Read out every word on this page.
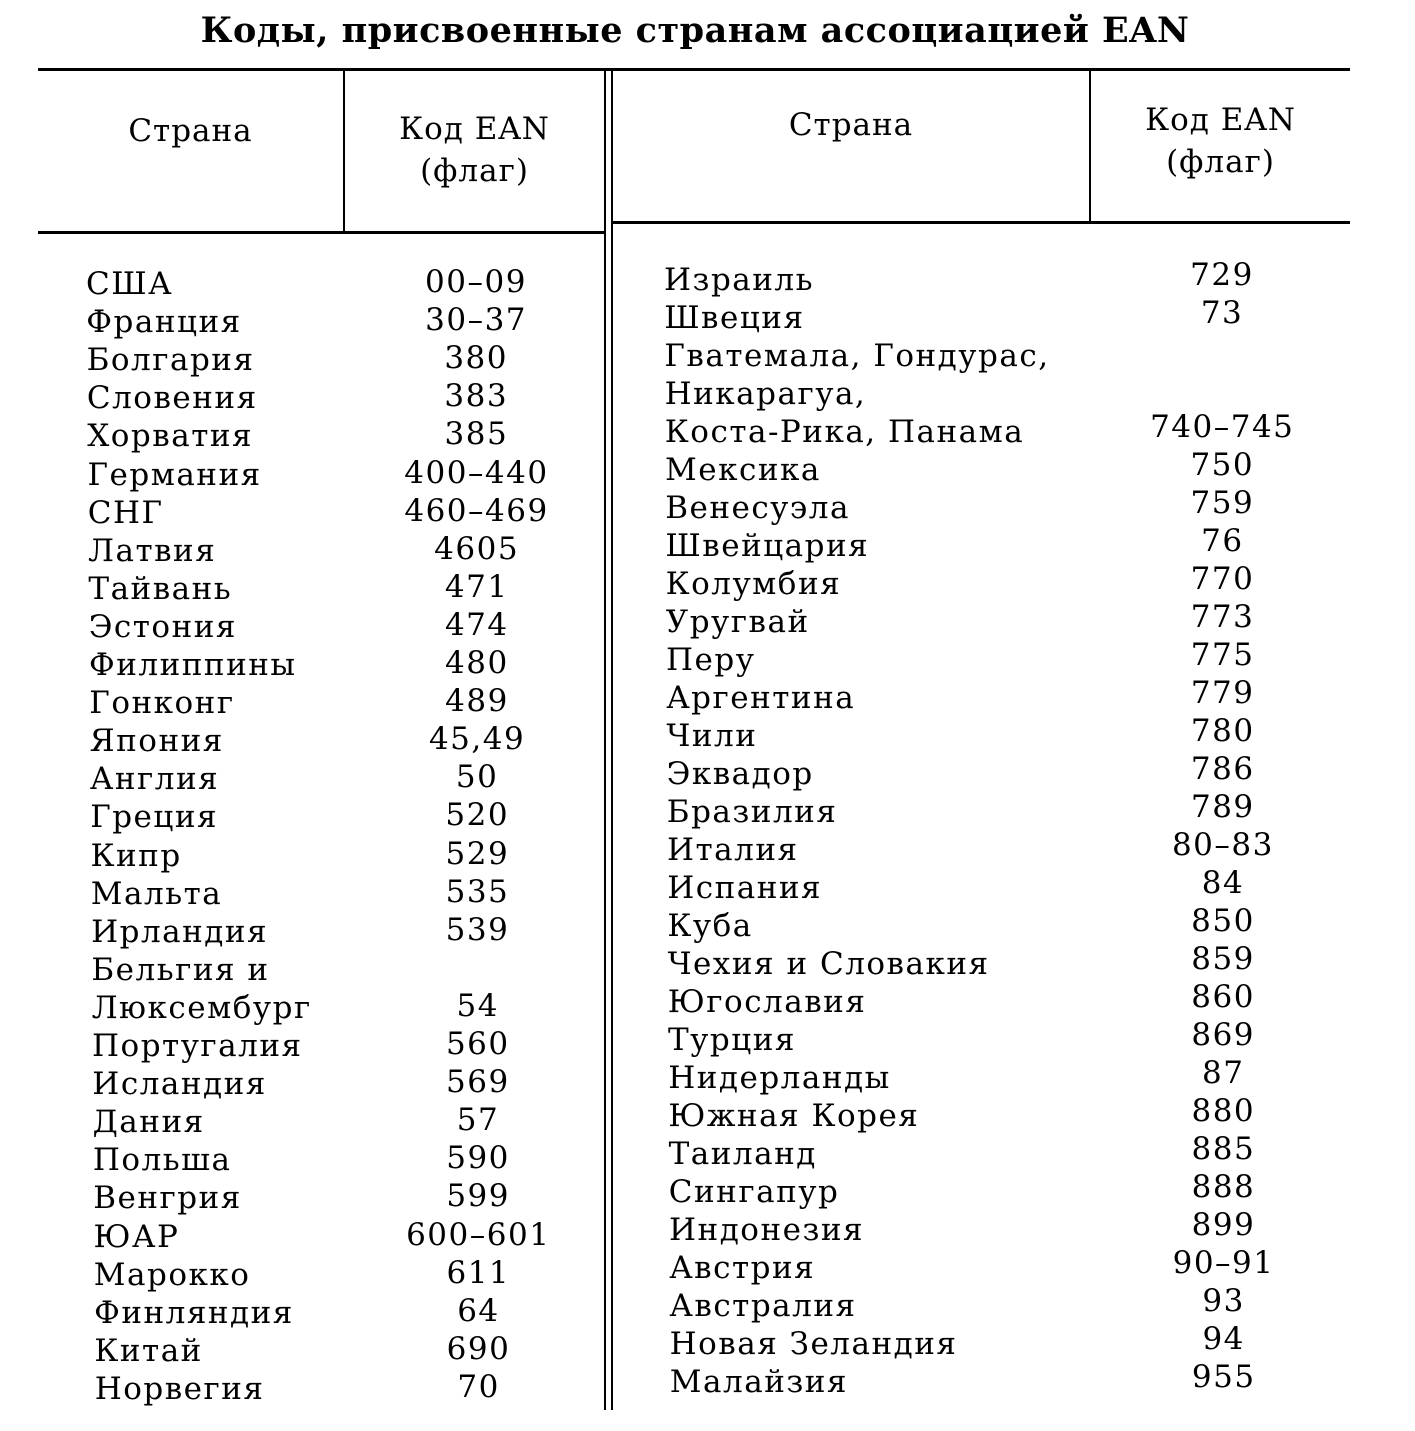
Коды, присвоенные странам ассоциацией EAN
Страна	Код EAN
(флаг)
Страна	Код EAN
(флаг)
США	00–09
Франция	30–37
Болгария	380
Словения	383
Хорватия	385
Германия	400–440
СНГ	460–469
Латвия	4605
Тайвань	471
Эстония	474
Филиппины	480
Гонконг	489
Япония	45,49
Англия	50
Греция	520
Кипр	529
Мальта	535
Ирландия	539
Бельгия и
Люксембург	54
Португалия	560
Исландия	569
Дания	57
Польша	590
Венгрия	599
ЮАР	600–601
Марокко	611
Финляндия	64
Китай	690
Норвегия	70
Израиль	729
Швеция	73
Гватемала, Гондурас,
Никарагуа,
Коста-Рика, Панама	740–745
Мексика	750
Венесуэла	759
Швейцария	76
Колумбия	770
Уругвай	773
Перу	775
Аргентина	779
Чили	780
Эквадор	786
Бразилия	789
Италия	80–83
Испания	84
Куба	850
Чехия и Словакия	859
Югославия	860
Турция	869
Нидерланды	87
Южная Корея	880
Таиланд	885
Сингапур	888
Индонезия	899
Австрия	90–91
Австралия	93
Новая Зеландия	94
Малайзия	955
